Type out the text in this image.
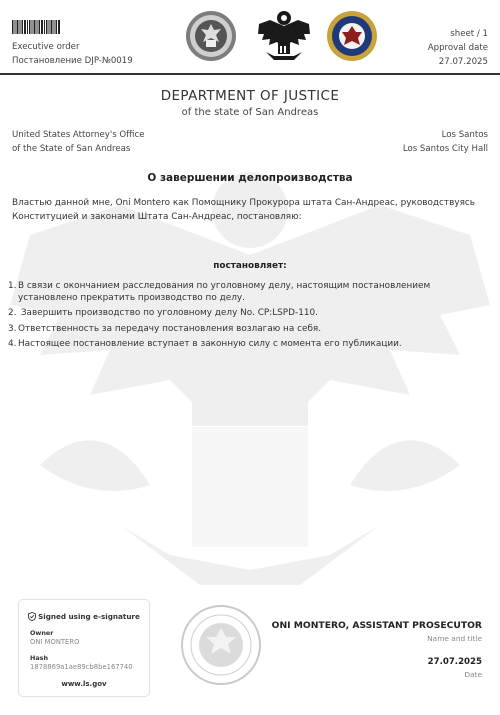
Executive order
Постановление DJP-№0019
sheet / 1
Approval date
27.07.2025
DEPARTMENT OF JUSTICE
of the state of San Andreas
United States Attorney's Office
of the State of San Andreas
Los Santos
Los Santos City Hall
О завершении делопроизводства
Властью данной мне, Oni Montero как Помощнику Прокурора штата Сан-Андреас, руководствуясь Конституцией и законами Штата Сан-Андреас, постановляю:
постановляет:
1. В связи с окончанием расследования по уголовному делу, настоящим постановлением установлено прекратить производство по делу.
2. Завершить производство по уголовному делу No. CP:LSPD-110.
3. Ответственность за передачу постановления возлагаю на себя.
4. Настоящее постановление вступает в законную силу с момента его публикации.
Signed using e-signature
Owner
ONI MONTERO
Hash
1878869a1ae89cb8be167740
www.ls.gov
ONI MONTERO, ASSISTANT PROSECUTOR
Name and title
27.07.2025
Date
